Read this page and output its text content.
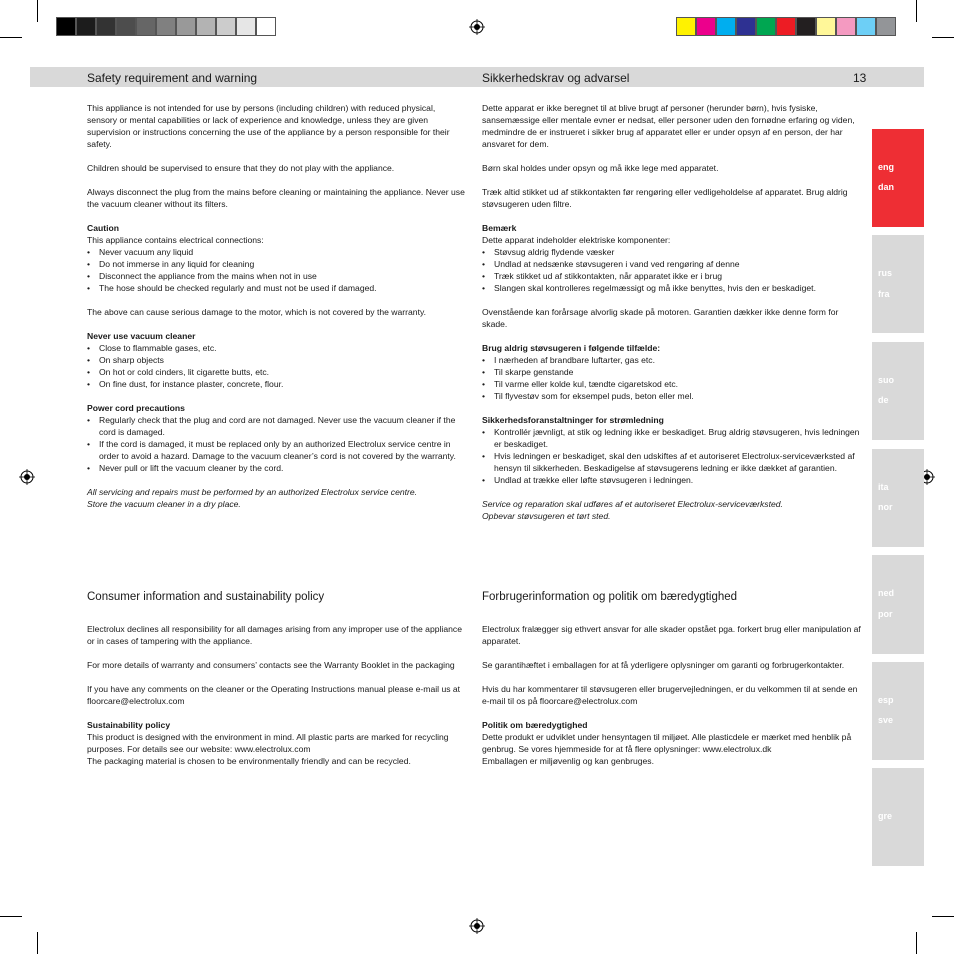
Safety requirement and warning	Sikkerhedskrav og advarsel	13

This appliance is not intended for use by persons (including children) with reduced physical, sensory or mental capabilities or lack of experience and knowledge, unless they are given supervision or instructions concerning the use of the appliance by a person responsible for their safety.

Children should be supervised to ensure that they do not play with the appliance.

Always disconnect the plug from the mains before cleaning or maintaining the appliance. Never use the vacuum cleaner without its filters.

Caution
This appliance contains electrical connections:
• Never vacuum any liquid
• Do not immerse in any liquid for cleaning
• Disconnect the appliance from the mains when not in use
• The hose should be checked regularly and must not be used if damaged.

The above can cause serious damage to the motor, which is not covered by the warranty.

Never use vacuum cleaner
• Close to flammable gases, etc.
• On sharp objects
• On hot or cold cinders, lit cigarette butts, etc.
• On fine dust, for instance plaster, concrete, flour.
Power cord precautions
• Regularly check that the plug and cord are not damaged. Never use the vacuum cleaner if the cord is damaged.
• If the cord is damaged, it must be replaced only by an authorized Electrolux service centre in order to avoid a hazard. Damage to the vacuum cleaner’s cord is not covered by the warranty.
• Never pull or lift the vacuum cleaner by the cord.
All servicing and repairs must be performed by an authorized Electrolux service centre.
Store the vacuum cleaner in a dry place.

Dette apparat er ikke beregnet til at blive brugt af personer (herunder børn), hvis fysiske, sansemæssige eller mentale evner er nedsat, eller personer uden den fornødne erfaring og viden, medmindre de er instrueret i sikker brug af apparatet eller er under opsyn af en person, der har ansvaret for dem.

Børn skal holdes under opsyn og må ikke lege med apparatet.

Træk altid stikket ud af stikkontakten før rengøring eller vedligeholdelse af apparatet. Brug aldrig støvsugeren uden filtre.

Bemærk
Dette apparat indeholder elektriske komponenter:
• Støvsug aldrig flydende væsker
• Undlad at nedsænke støvsugeren i vand ved rengøring af denne
• Træk stikket ud af stikkontakten, når apparatet ikke er i brug
• Slangen skal kontrolleres regelmæssigt og må ikke benyttes, hvis den er beskadiget.

Ovenstående kan forårsage alvorlig skade på motoren. Garantien dækker ikke denne form for skade.

Brug aldrig støvsugeren i følgende tilfælde:
• I nærheden af brandbare luftarter, gas etc.
• Til skarpe genstande
• Til varme eller kolde kul, tændte cigaretskod etc.
• Til flyvestøv som for eksempel puds, beton eller mel.
Sikkerhedsforanstaltninger for strømledning
• Kontrollér jævnligt, at stik og ledning ikke er beskadiget. Brug aldrig støvsugeren, hvis ledningen er beskadiget.
• Hvis ledningen er beskadiget, skal den udskiftes af et autoriseret Electrolux-serviceværksted af hensyn til sikkerheden. Beskadigelse af støvsugerens ledning er ikke dækket af garantien.
• Undlad at trække eller løfte støvsugeren i ledningen.
Service og reparation skal udføres af et autoriseret Electrolux-serviceværksted.
Opbevar støvsugeren et tørt sted.
Consumer information and sustainability policy	Forbrugerinformation og politik om bæredygtighed

Electrolux declines all responsibility for all damages arising from any improper use of the appliance or in cases of tampering with the appliance.

For more details of warranty and consumers’ contacts see the Warranty Booklet in the packaging

If you have any comments on the cleaner or the Operating Instructions manual please e-mail us at floorcare@electrolux.com

Sustainability policy
This product is designed with the environment in mind. All plastic parts are marked for recycling purposes. For details see our website: www.electrolux.com
The packaging material is chosen to be environmentally friendly and can be recycled.

Electrolux fralægger sig ethvert ansvar for alle skader opstået pga. forkert brug eller manipulation af apparatet.

Se garantihæftet i emballagen for at få yderligere oplysninger om garanti og forbrugerkontakter.

Hvis du har kommentarer til støvsugeren eller brugervejledningen, er du velkommen til at sende en e-mail til os på floorcare@electrolux.com

Politik om bæredygtighed
Dette produkt er udviklet under hensyntagen til miljøet. Alle plasticdele er mærket med henblik på genbrug. Se vores hjemmeside for at få flere oplysninger: www.electrolux.dk
Emballagen er miljøvenlig og kan genbruges.
eng
dan
rus
fra
suo
de
ita
nor
ned
por
esp
sve
gre
